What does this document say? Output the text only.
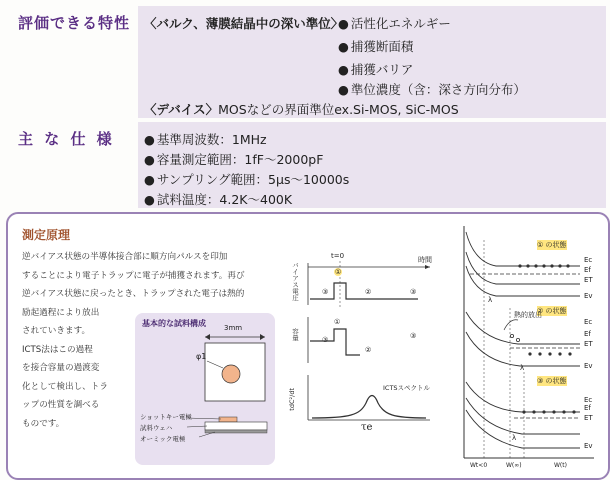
評価できる特性 〈バルク、薄膜結晶中の深い準位〉 ● 活性化エネルギー
● 捕獲断面積
● 捕獲バリア
● 準位濃度（含：深さ方向分布）
〈デバイス〉MOSなどの界面準位ex.Si-MOS, SiC-MOS
主 な 仕 様	● 基準周波数：1MHz
● 容量測定範囲：1fF～2000pF
● サンプリング範囲：5μs～10000s
● 試料温度：4.2K～400K
測定原理
逆バイアス状態の半導体接合部に順方向パルスを印加
することにより電子トラップに電子が捕獲されます。再び
逆バイアス状態に戻ったとき、トラップされた電子は熱的
励起過程により放出
されていきます。
ICTS法はこの過程
を接合容量の過渡変
化として検出し、トラ
ップの性質を調べる
ものです。
基本的な試料構成	3mm
φ1
ショットキー電極
試料ウェハ
オーミック電極
t=0	時間
バイアス電圧
容量
tdC²/dt	ICTSスペクトル
τe
①
②
③	③
①
②
③	③
① の状態
② の状態
③ の状態
Ec
Ef
ET
Ev
Ec
Ef
ET
Ev
Ec
Ef
ET
Ev
熱的放出
λ
λ
λ
Wt<0	W(∞)	W(t)
